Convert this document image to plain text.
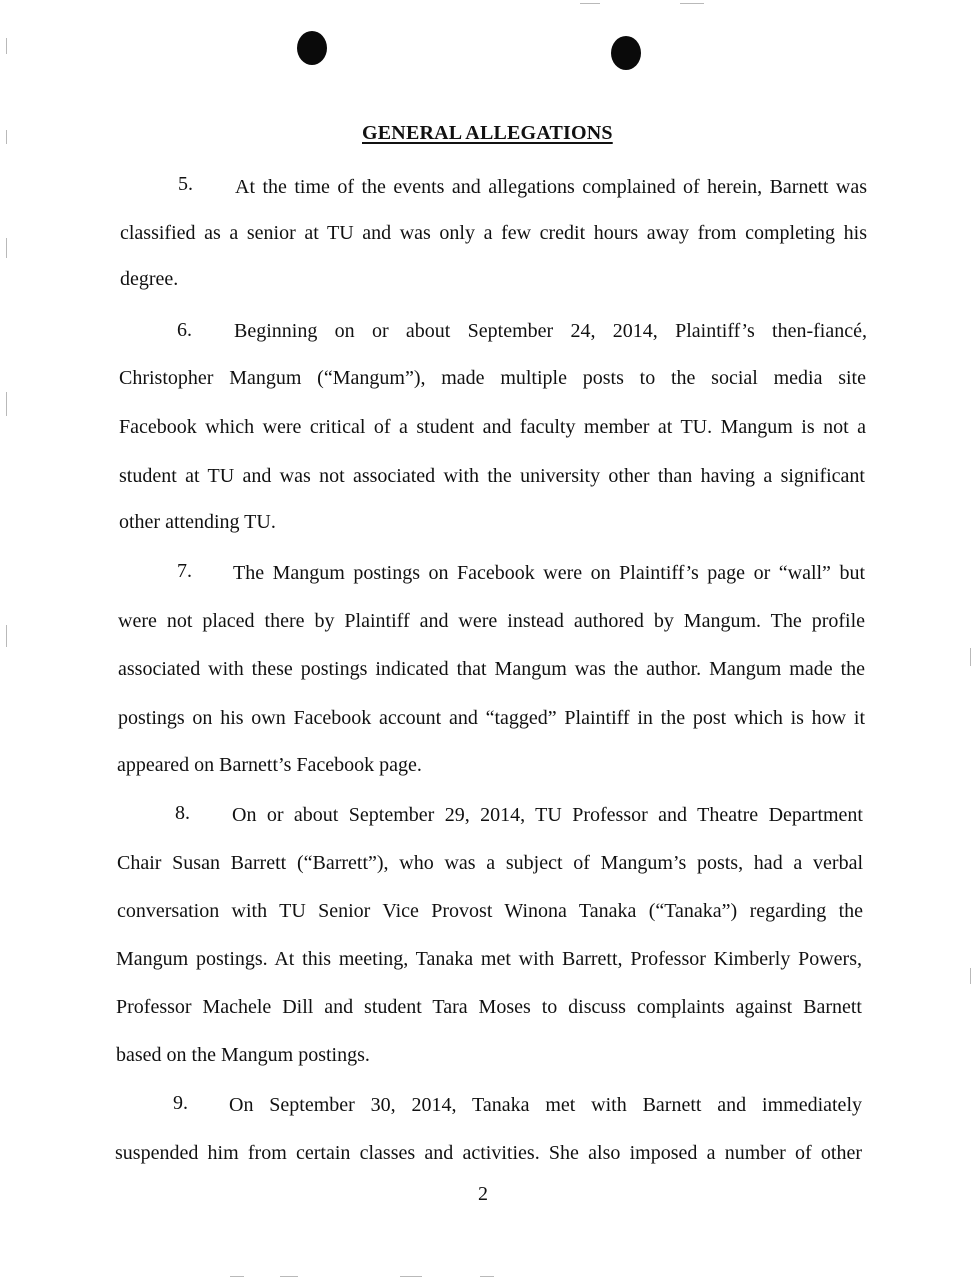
GENERAL ALLEGATIONS
5. At the time of the events and allegations complained of herein, Barnett was
classified as a senior at TU and was only a few credit hours away from completing his
degree.
6. Beginning on or about September 24, 2014, Plaintiff’s then-fiancé,
Christopher Mangum (“Mangum”), made multiple posts to the social media site
Facebook which were critical of a student and faculty member at TU. Mangum is not a
student at TU and was not associated with the university other than having a significant
other attending TU.
7. The Mangum postings on Facebook were on Plaintiff’s page or “wall” but
were not placed there by Plaintiff and were instead authored by Mangum. The profile
associated with these postings indicated that Mangum was the author. Mangum made the
postings on his own Facebook account and “tagged” Plaintiff in the post which is how it
appeared on Barnett’s Facebook page.
8. On or about September 29, 2014, TU Professor and Theatre Department
Chair Susan Barrett (“Barrett”), who was a subject of Mangum’s posts, had a verbal
conversation with TU Senior Vice Provost Winona Tanaka (“Tanaka”) regarding the
Mangum postings. At this meeting, Tanaka met with Barrett, Professor Kimberly Powers,
Professor Machele Dill and student Tara Moses to discuss complaints against Barnett
based on the Mangum postings.
9. On September 30, 2014, Tanaka met with Barnett and immediately
suspended him from certain classes and activities. She also imposed a number of other
2
